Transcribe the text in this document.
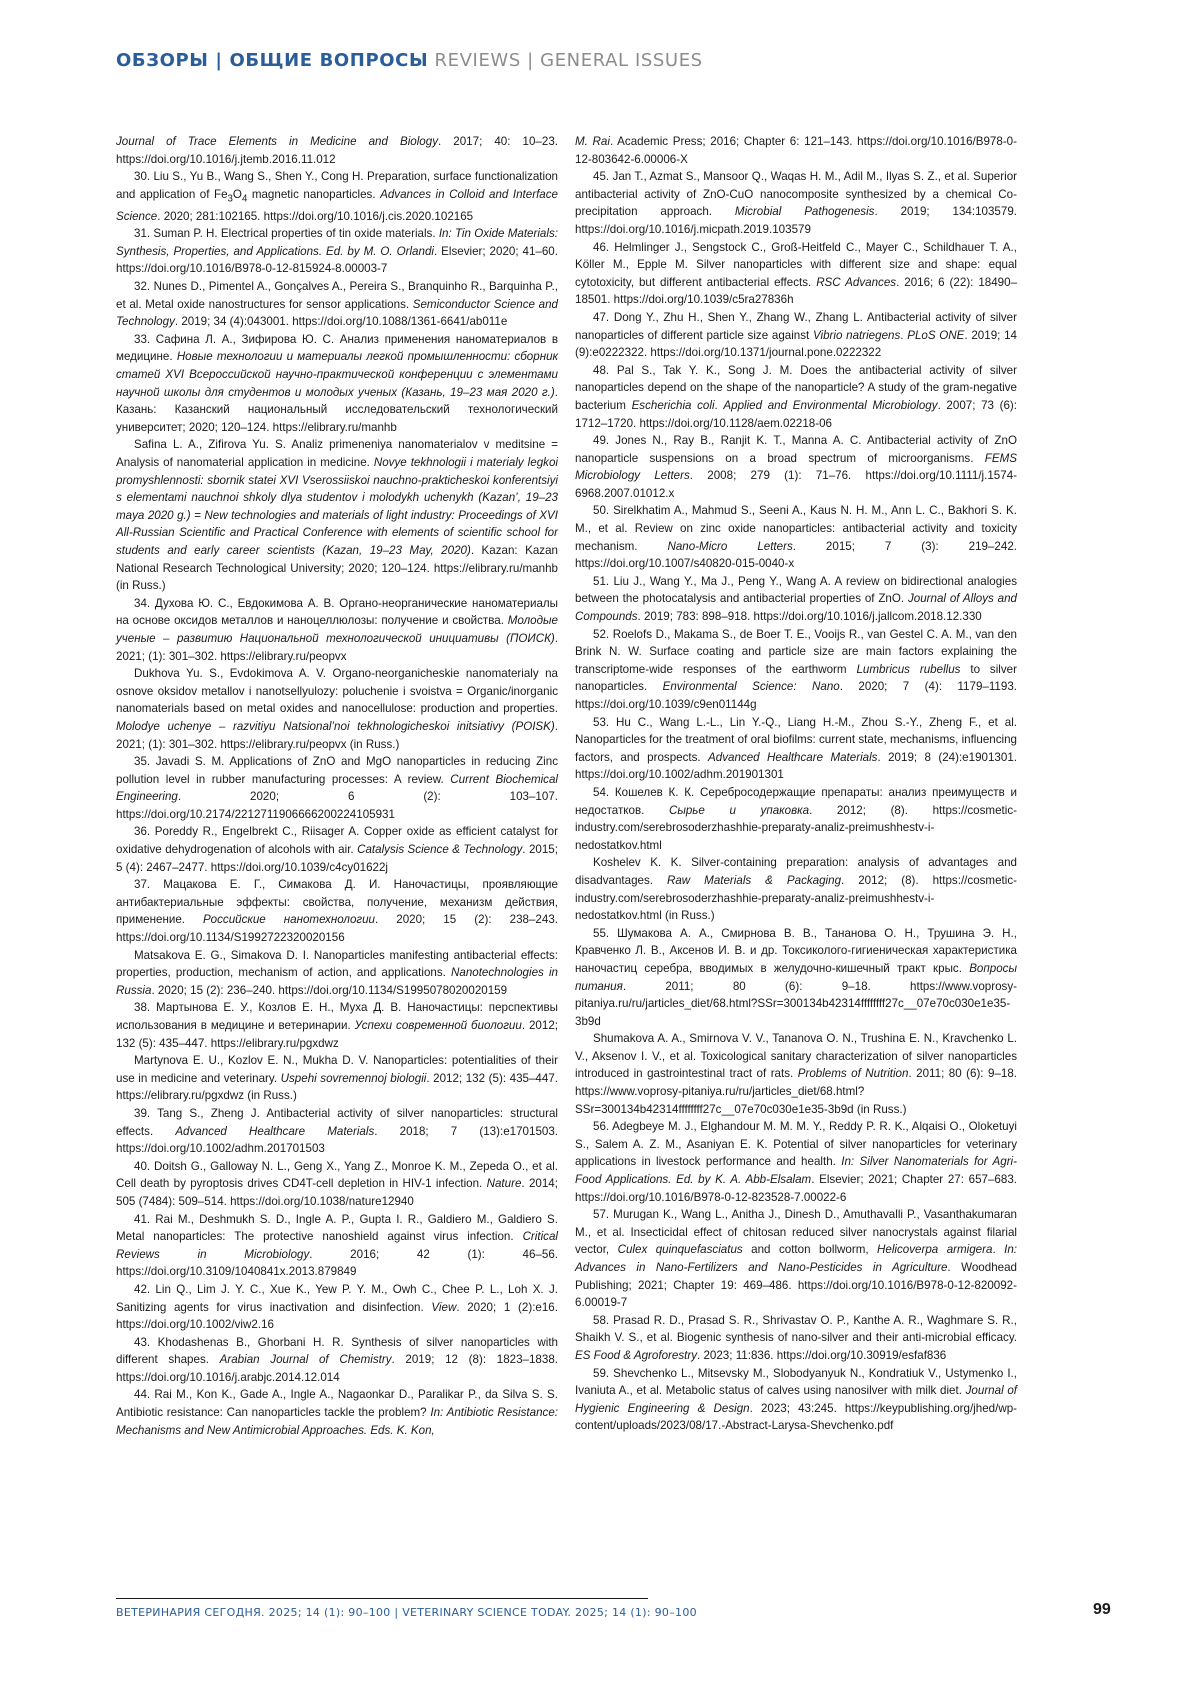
ОБЗОРЫ | ОБЩИЕ ВОПРОСЫ REVIEWS | GENERAL ISSUES

Journal of Trace Elements in Medicine and Biology. 2017; 40: 10–23. https://doi.org/10.1016/j.jtemb.2016.11.012

30. Liu S., Yu B., Wang S., Shen Y., Cong H. Preparation, surface functionalization and application of Fe3O4 magnetic nanoparticles. Advances in Colloid and Interface Science. 2020; 281:102165. https://doi.org/10.1016/j.cis.2020.102165

31. Suman P. H. Electrical properties of tin oxide materials. In: Tin Oxide Materials: Synthesis, Properties, and Applications. Ed. by M. O. Orlandi. Elsevier; 2020; 41–60. https://doi.org/10.1016/B978-0-12-815924-8.00003-7

32. Nunes D., Pimentel A., Gonçalves A., Pereira S., Branquinho R., Barquinha P., et al. Metal oxide nanostructures for sensor applications. Semiconductor Science and Technology. 2019; 34 (4):043001. https://doi.org/10.1088/1361-6641/ab011e

33. Сафина Л. А., Зифирова Ю. С. Анализ применения наноматериалов в медицине. Новые технологии и материалы легкой промышленности: сборник статей XVI Всероссийской научно-практической конференции с элементами научной школы для студентов и молодых ученых (Казань, 19–23 мая 2020 г.). Казань: Казанский национальный исследовательский технологический университет; 2020; 120–124. https://elibrary.ru/manhb

Safina L. A., Zifirova Yu. S. Analiz primeneniya nanomaterialov v meditsine = Analysis of nanomaterial application in medicine. Novye tekhnologii i materialy legkoi promyshlennosti: sbornik statei XVI Vserossiiskoi nauchno-prakticheskoi konferentsiyi s elementami nauchnoi shkoly dlya studentov i molodykh uchenykh (Kazan’, 19–23 maya 2020 g.) = New technologies and materials of light industry: Proceedings of XVI All-Russian Scientific and Practical Conference with elements of scientific school for students and early career scientists (Kazan, 19–23 May, 2020). Kazan: Kazan National Research Technological University; 2020; 120–124. https://elibrary.ru/manhb (in Russ.)

34. Духова Ю. С., Евдокимова А. В. Органо-неорганические наноматериалы на основе оксидов металлов и наноцеллюлозы: получение и свойства. Молодые ученые – развитию Национальной технологической инициативы (ПОИСК). 2021; (1): 301–302. https://elibrary.ru/peopvx

Dukhova Yu. S., Evdokimova A. V. Organo-neorganicheskie nanomaterialy na osnove oksidov metallov i nanotsellyulozy: poluchenie i svoistva = Organic/inorganic nanomaterials based on metal oxides and nanocellulose: production and properties. Molodye uchenye – razvitiyu Natsional’noi tekhnologicheskoi initsiativy (POISK). 2021; (1): 301–302. https://elibrary.ru/peopvx (in Russ.)

35. Javadi S. M. Applications of ZnO and MgO nanoparticles in reducing Zinc pollution level in rubber manufacturing processes: A review. Current Biochemical Engineering. 2020; 6 (2): 103–107. https://doi.org/10.2174/2212711906666200224105931

36. Poreddy R., Engelbrekt C., Riisager A. Copper oxide as efficient catalyst for oxidative dehydrogenation of alcohols with air. Catalysis Science & Technology. 2015; 5 (4): 2467–2477. https://doi.org/10.1039/c4cy01622j

37. Мацакова Е. Г., Симакова Д. И. Наночастицы, проявляющие антибактериальные эффекты: свойства, получение, механизм действия, применение. Российские нанотехнологии. 2020; 15 (2): 238–243. https://doi.org/10.1134/S1992722320020156

Matsakova E. G., Simakova D. I. Nanoparticles manifesting antibacterial effects: properties, production, mechanism of action, and applications. Nanotechnologies in Russia. 2020; 15 (2): 236–240. https://doi.org/10.1134/S1995078020020159

38. Мартынова Е. У., Козлов Е. Н., Муха Д. В. Наночастицы: перспективы использования в медицине и ветеринарии. Успехи современной биологии. 2012; 132 (5): 435–447. https://elibrary.ru/pgxdwz

Martynova E. U., Kozlov E. N., Mukha D. V. Nanoparticles: potentialities of their use in medicine and veterinary. Uspehi sovremennoj biologii. 2012; 132 (5): 435–447. https://elibrary.ru/pgxdwz (in Russ.)

39. Tang S., Zheng J. Antibacterial activity of silver nanoparticles: structural effects. Advanced Healthcare Materials. 2018; 7 (13):e1701503. https://doi.org/10.1002/adhm.201701503

40. Doitsh G., Galloway N. L., Geng X., Yang Z., Monroe K. M., Zepeda O., et al. Cell death by pyroptosis drives CD4T-cell depletion in HIV-1 infection. Nature. 2014; 505 (7484): 509–514. https://doi.org/10.1038/nature12940

41. Rai M., Deshmukh S. D., Ingle A. P., Gupta I. R., Galdiero M., Galdiero S. Metal nanoparticles: The protective nanoshield against virus infection. Critical Reviews in Microbiology. 2016; 42 (1): 46–56. https://doi.org/10.3109/1040841x.2013.879849

42. Lin Q., Lim J. Y. C., Xue K., Yew P. Y. M., Owh C., Chee P. L., Loh X. J. Sanitizing agents for virus inactivation and disinfection. View. 2020; 1 (2):e16. https://doi.org/10.1002/viw2.16

43. Khodashenas B., Ghorbani H. R. Synthesis of silver nanoparticles with different shapes. Arabian Journal of Chemistry. 2019; 12 (8): 1823–1838. https://doi.org/10.1016/j.arabjc.2014.12.014

44. Rai M., Kon K., Gade A., Ingle A., Nagaonkar D., Paralikar P., da Silva S. S. Antibiotic resistance: Can nanoparticles tackle the problem? In: Antibiotic Resistance: Mechanisms and New Antimicrobial Approaches. Eds. K. Kon,

M. Rai. Academic Press; 2016; Chapter 6: 121–143. https://doi.org/10.1016/B978-0-12-803642-6.00006-X

45. Jan T., Azmat S., Mansoor Q., Waqas H. M., Adil M., Ilyas S. Z., et al. Superior antibacterial activity of ZnO-CuO nanocomposite synthesized by a chemical Co-precipitation approach. Microbial Pathogenesis. 2019; 134:103579. https://doi.org/10.1016/j.micpath.2019.103579

46. Helmlinger J., Sengstock C., Groß-Heitfeld C., Mayer C., Schildhauer T. A., Köller M., Epple M. Silver nanoparticles with different size and shape: equal cytotoxicity, but different antibacterial effects. RSC Advances. 2016; 6 (22): 18490–18501. https://doi.org/10.1039/c5ra27836h

47. Dong Y., Zhu H., Shen Y., Zhang W., Zhang L. Antibacterial activity of silver nanoparticles of different particle size against Vibrio natriegens. PLoS ONE. 2019; 14 (9):e0222322. https://doi.org/10.1371/journal.pone.0222322

48. Pal S., Tak Y. K., Song J. M. Does the antibacterial activity of silver nanoparticles depend on the shape of the nanoparticle? A study of the gram-negative bacterium Escherichia coli. Applied and Environmental Microbiology. 2007; 73 (6): 1712–1720. https://doi.org/10.1128/aem.02218-06

49. Jones N., Ray B., Ranjit K. T., Manna A. C. Antibacterial activity of ZnO nanoparticle suspensions on a broad spectrum of microorganisms. FEMS Microbiology Letters. 2008; 279 (1): 71–76. https://doi.org/10.1111/j.1574-6968.2007.01012.x

50. Sirelkhatim A., Mahmud S., Seeni A., Kaus N. H. M., Ann L. C., Bakhori S. K. M., et al. Review on zinc oxide nanoparticles: antibacterial activity and toxicity mechanism. Nano-Micro Letters. 2015; 7 (3): 219–242. https://doi.org/10.1007/s40820-015-0040-x

51. Liu J., Wang Y., Ma J., Peng Y., Wang A. A review on bidirectional analogies between the photocatalysis and antibacterial properties of ZnO. Journal of Alloys and Compounds. 2019; 783: 898–918. https://doi.org/10.1016/j.jallcom.2018.12.330

52. Roelofs D., Makama S., de Boer T. E., Vooijs R., van Gestel C. A. M., van den Brink N. W. Surface coating and particle size are main factors explaining the transcriptome-wide responses of the earthworm Lumbricus rubellus to silver nanoparticles. Environmental Science: Nano. 2020; 7 (4): 1179–1193. https://doi.org/10.1039/c9en01144g

53. Hu C., Wang L.-L., Lin Y.-Q., Liang H.-M., Zhou S.-Y., Zheng F., et al. Nanoparticles for the treatment of oral biofilms: current state, mechanisms, influencing factors, and prospects. Advanced Healthcare Materials. 2019; 8 (24):e1901301. https://doi.org/10.1002/adhm.201901301

54. Кошелев К. К. Серебросодержащие препараты: анализ преимуществ и недостатков. Сырье и упаковка. 2012; (8). https://cosmetic-industry.com/serebrosoderzhashhie-preparaty-analiz-preimushhestv-i-nedostatkov.html

Koshelev K. K. Silver-containing preparation: analysis of advantages and disadvantages. Raw Materials & Packaging. 2012; (8). https://cosmetic-industry.com/serebrosoderzhashhie-preparaty-analiz-preimushhestv-i-nedostatkov.html (in Russ.)

55. Шумакова А. А., Смирнова В. В., Тананова О. Н., Трушина Э. Н., Кравченко Л. В., Аксенов И. В. и др. Токсиколого-гигиеническая характеристика наночастиц серебра, вводимых в желудочно-кишечный тракт крыс. Вопросы питания. 2011; 80 (6): 9–18. https://www.voprosy-pitaniya.ru/ru/jarticles_diet/68.html?SSr=300134b42314ffffffff27c__07e70c030e1e35-3b9d

Shumakova A. A., Smirnova V. V., Tananova O. N., Trushina E. N., Kravchenko L. V., Aksenov I. V., et al. Toxicological sanitary characterization of silver nanoparticles introduced in gastrointestinal tract of rats. Problems of Nutrition. 2011; 80 (6): 9–18. https://www.voprosy-pitaniya.ru/ru/jarticles_diet/68.html?SSr=300134b42314ffffffff27c__07e70c030e1e35-3b9d (in Russ.)

56. Adegbeye M. J., Elghandour M. M. M. Y., Reddy P. R. K., Alqaisi O., Oloketuyi S., Salem A. Z. M., Asaniyan E. K. Potential of silver nanoparticles for veterinary applications in livestock performance and health. In: Silver Nanomaterials for Agri-Food Applications. Ed. by K. A. Abb-Elsalam. Elsevier; 2021; Chapter 27: 657–683. https://doi.org/10.1016/B978-0-12-823528-7.00022-6

57. Murugan K., Wang L., Anitha J., Dinesh D., Amuthavalli P., Vasanthakumaran M., et al. Insecticidal effect of chitosan reduced silver nanocrystals against filarial vector, Culex quinquefasciatus and cotton bollworm, Helicoverpa armigera. In: Advances in Nano-Fertilizers and Nano-Pesticides in Agriculture. Woodhead Publishing; 2021; Chapter 19: 469–486. https://doi.org/10.1016/B978-0-12-820092-6.00019-7

58. Prasad R. D., Prasad S. R., Shrivastav O. P., Kanthe A. R., Waghmare S. R., Shaikh V. S., et al. Biogenic synthesis of nano-silver and their anti-microbial efficacy. ES Food & Agroforestry. 2023; 11:836. https://doi.org/10.30919/esfaf836

59. Shevchenko L., Mitsevsky M., Slobodyanyuk N., Kondratiuk V., Ustymenko I., Ivaniuta A., et al. Metabolic status of calves using nanosilver with milk diet. Journal of Hygienic Engineering & Design. 2023; 43:245. https://keypublishing.org/jhed/wp-content/uploads/2023/08/17.-Abstract-Larysa-Shevchenko.pdf

ВЕТЕРИНАРИЯ СЕГОДНЯ. 2025; 14 (1): 90–100 | VETERINARY SCIENCE TODAY. 2025; 14 (1): 90–100	99
